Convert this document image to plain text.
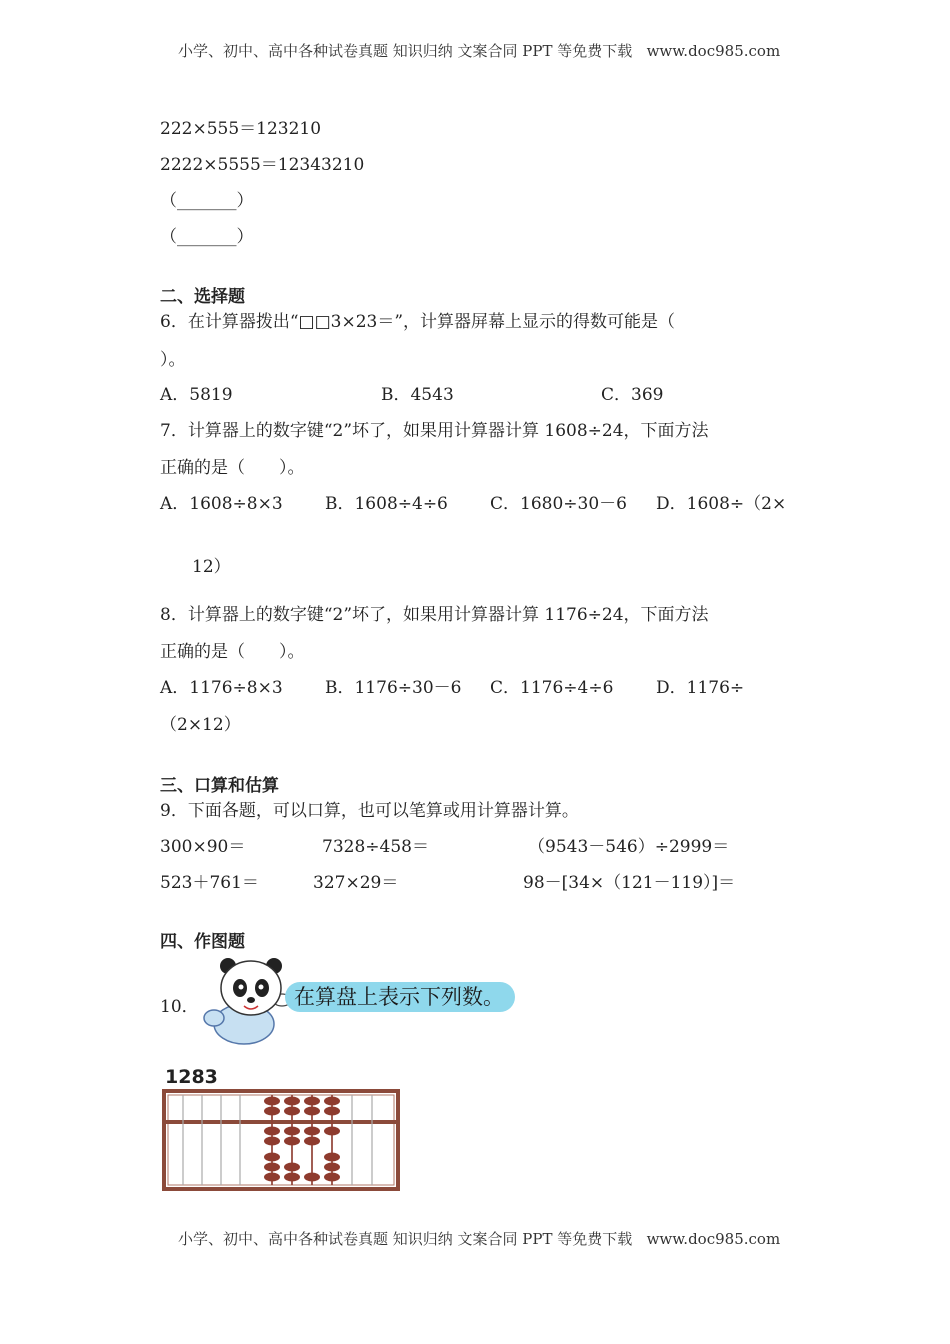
小学、初中、高中各种试卷真题 知识归纳 文案合同 PPT 等免费下载   www.doc985.com
222×555＝123210
2222×5555＝12343210
（_______）
（_______）
二、选择题
6．在计算器拨出“□□3×23＝”，计算器屏幕上显示的得数可能是（
）。
A．5819	B．4543	C．369
7．计算器上的数字键“2”坏了，如果用计算器计算 1608÷24，下面方法
正确的是（　　）。
A．1608÷8×3 B．1608÷4÷6 C．1680÷30－6 D．1608÷（2×
12）
8．计算器上的数字键“2”坏了，如果用计算器计算 1176÷24，下面方法
正确的是（　　）。
A．1176÷8×3 B．1176÷30－6 C．1176÷4÷6	D．1176÷
（2×12）
三、口算和估算
9．下面各题，可以口算，也可以笔算或用计算器计算。
300×90＝	7328÷458＝	（9543－546）÷2999＝
523＋761＝	327×29＝	98－[34×（121－119）]＝
四、作图题
10．	在算盘上表示下列数。
1283
小学、初中、高中各种试卷真题 知识归纳 文案合同 PPT 等免费下载   www.doc985.com
